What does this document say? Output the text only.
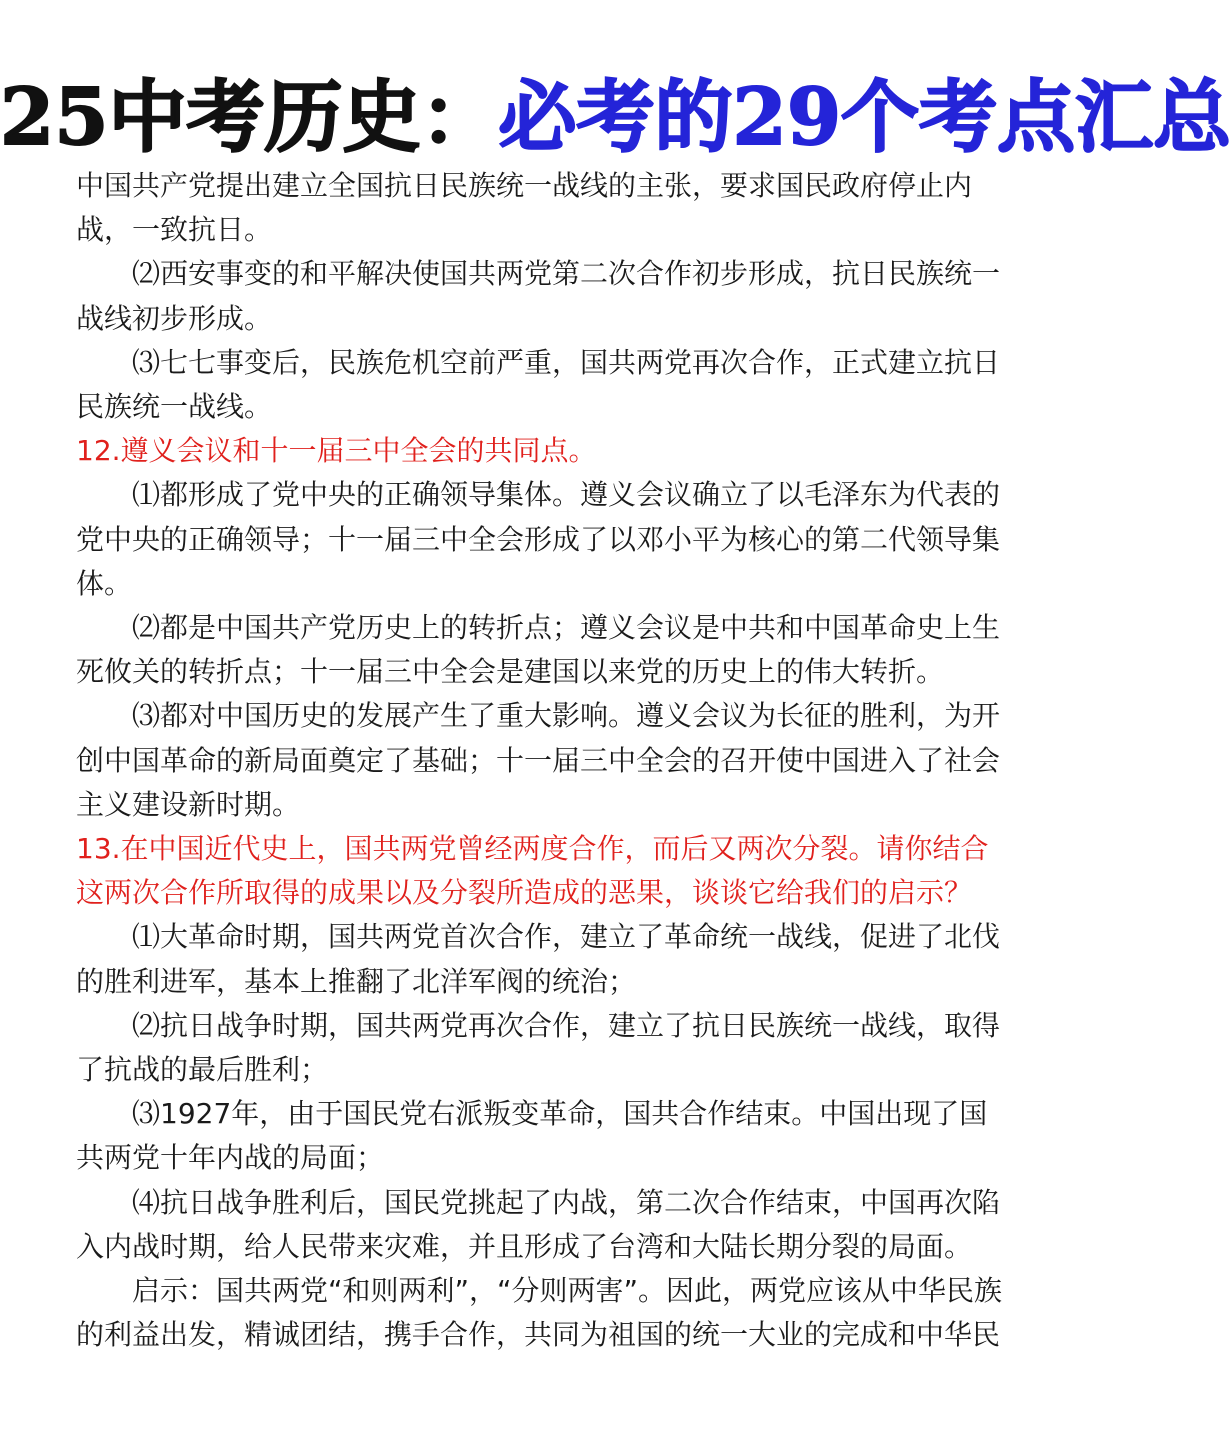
25中考历史：必考的29个考点汇总

中国共产党提出建立全国抗日民族统一战线的主张，要求国民政府停止内战，一致抗日。

⑵西安事变的和平解决使国共两党第二次合作初步形成，抗日民族统一战线初步形成。

⑶七七事变后，民族危机空前严重，国共两党再次合作，正式建立抗日民族统一战线。

12.遵义会议和十一届三中全会的共同点。

⑴都形成了党中央的正确领导集体。遵义会议确立了以毛泽东为代表的党中央的正确领导；十一届三中全会形成了以邓小平为核心的第二代领导集体。

⑵都是中国共产党历史上的转折点；遵义会议是中共和中国革命史上生死攸关的转折点；十一届三中全会是建国以来党的历史上的伟大转折。

⑶都对中国历史的发展产生了重大影响。遵义会议为长征的胜利，为开创中国革命的新局面奠定了基础；十一届三中全会的召开使中国进入了社会主义建设新时期。

13.在中国近代史上，国共两党曾经两度合作，而后又两次分裂。请你结合这两次合作所取得的成果以及分裂所造成的恶果，谈谈它给我们的启示？

⑴大革命时期，国共两党首次合作，建立了革命统一战线，促进了北伐的胜利进军，基本上推翻了北洋军阀的统治；

⑵抗日战争时期，国共两党再次合作，建立了抗日民族统一战线，取得了抗战的最后胜利；

⑶1927年，由于国民党右派叛变革命，国共合作结束。中国出现了国共两党十年内战的局面；

⑷抗日战争胜利后，国民党挑起了内战，第二次合作结束，中国再次陷入内战时期，给人民带来灾难，并且形成了台湾和大陆长期分裂的局面。

启示：国共两党“和则两利”，“分则两害”。因此，两党应该从中华民族的利益出发，精诚团结，携手合作，共同为祖国的统一大业的完成和中华民
